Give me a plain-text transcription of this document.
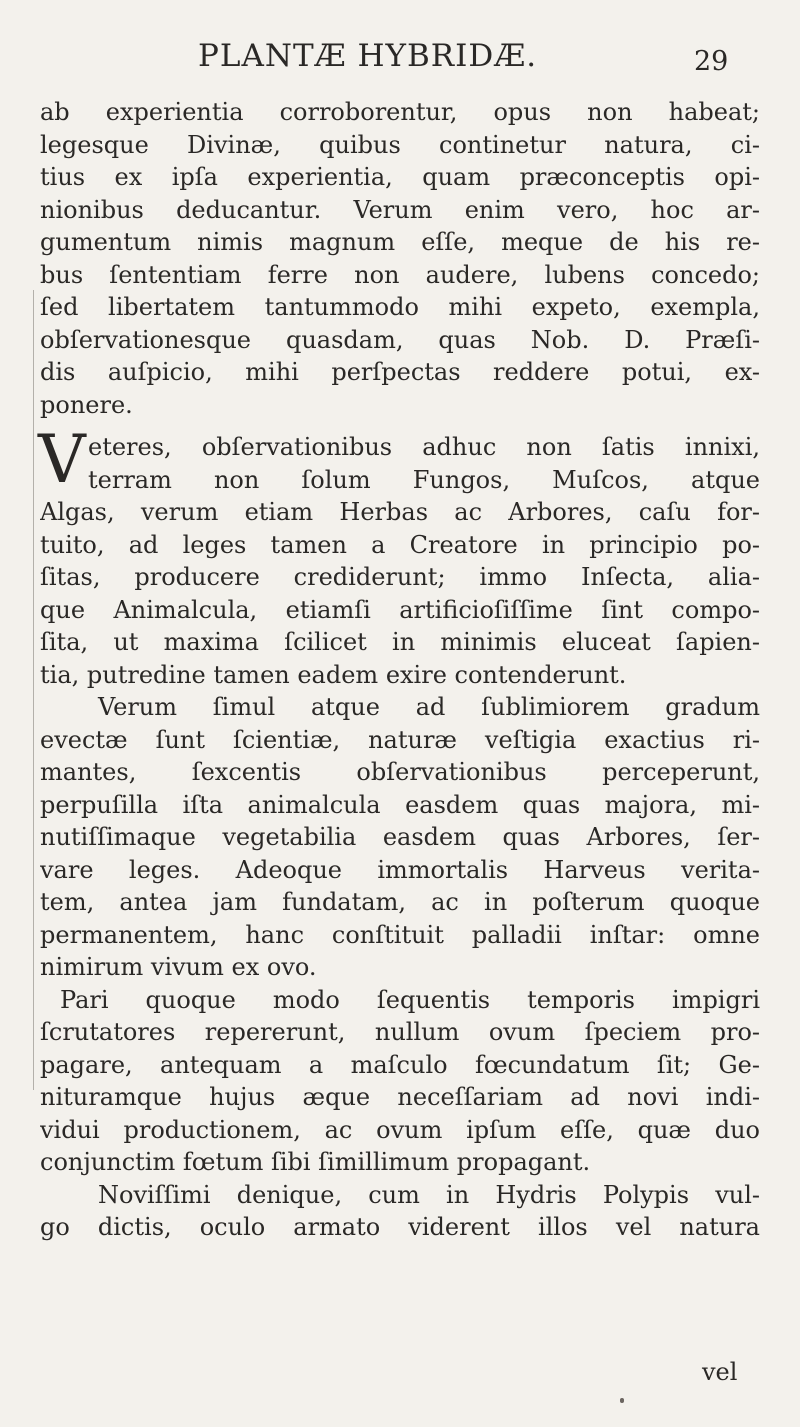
PLANTÆ HYBRIDÆ.	29
ab experientia corroborentur, opus non habeat;
legesque Divinæ, quibus continetur natura, ci-
tius ex ipſa experientia, quam præconceptis opi-
nionibus deducantur. Verum enim vero, hoc ar-
gumentum nimis magnum eſſe, meque de his re-
bus ſententiam ferre non audere, lubens concedo;
ſed libertatem tantummodo mihi expeto, exempla,
obſervationesque quasdam, quas Nob. D. Præſi-
dis auſpicio, mihi perſpectas reddere potui, ex-
ponere.
V eteres, obſervationibus adhuc non ſatis innixi,
terram non ſolum Fungos, Muſcos, atque
Algas, verum etiam Herbas ac Arbores, caſu for-
tuito, ad leges tamen a Creatore in principio po-
ſitas, producere crediderunt; immo Inſecta, alia-
que Animalcula, etiamſi artificioſiſſime ſint compo-
ſita, ut maxima ſcilicet in minimis eluceat ſapien-
tia, putredine tamen eadem exire contenderunt.
Verum ſimul atque ad ſublimiorem gradum
evectæ ſunt ſcientiæ, naturæ veſtigia exactius ri-
mantes, ſexcentis obſervationibus perceperunt,
perpuſilla iſta animalcula easdem quas majora, mi-
nutiſſimaque vegetabilia easdem quas Arbores, ſer-
vare leges. Adeoque immortalis Harveus verita-
tem, antea jam fundatam, ac in poſterum quoque
permanentem, hanc conſtituit palladii inſtar: omne
nimirum vivum ex ovo.
Pari quoque modo ſequentis temporis impigri
ſcrutatores repererunt, nullum ovum ſpeciem pro-
pagare, antequam a maſculo fœcundatum ſit; Ge-
nituramque hujus æque neceſſariam ad novi indi-
vidui productionem, ac ovum ipſum eſſe, quæ duo
conjunctim fœtum ſibi ſimillimum propagant.
Noviſſimi denique, cum in Hydris Polypis vul-
go dictis, oculo armato viderent illos vel natura
vel
